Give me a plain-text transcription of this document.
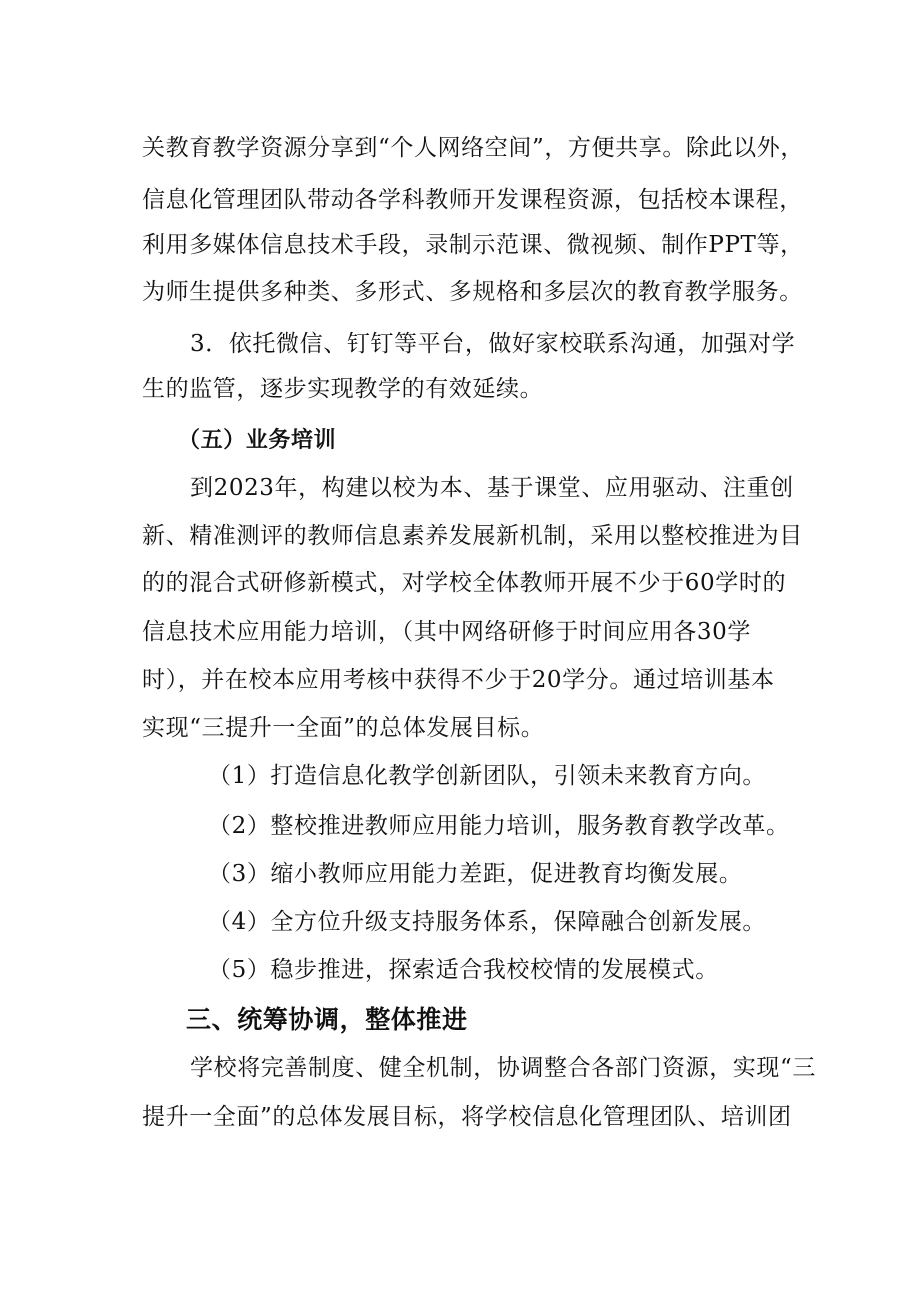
关教育教学资源分享到“个人网络空间”，方便共享。除此以外，
信息化管理团队带动各学科教师开发课程资源，包括校本课程，
利用多媒体信息技术手段，录制示范课、微视频、制作PPT等，
为师生提供多种类、多形式、多规格和多层次的教育教学服务。
3．依托微信、钉钉等平台，做好家校联系沟通，加强对学
生的监管，逐步实现教学的有效延续。
（五）业务培训
到2023年，构建以校为本、基于课堂、应用驱动、注重创
新、精准测评的教师信息素养发展新机制，采用以整校推进为目
的的混合式研修新模式，对学校全体教师开展不少于60学时的
信息技术应用能力培训，（其中网络研修于时间应用各30学
时），并在校本应用考核中获得不少于20学分。通过培训基本
实现“三提升一全面”的总体发展目标。
（1）打造信息化教学创新团队，引领未来教育方向。
（2）整校推进教师应用能力培训，服务教育教学改革。
（3）缩小教师应用能力差距，促进教育均衡发展。
（4）全方位升级支持服务体系，保障融合创新发展。
（5）稳步推进，探索适合我校校情的发展模式。
三、统筹协调，整体推进
学校将完善制度、健全机制，协调整合各部门资源，实现“三
提升一全面”的总体发展目标，将学校信息化管理团队、培训团
